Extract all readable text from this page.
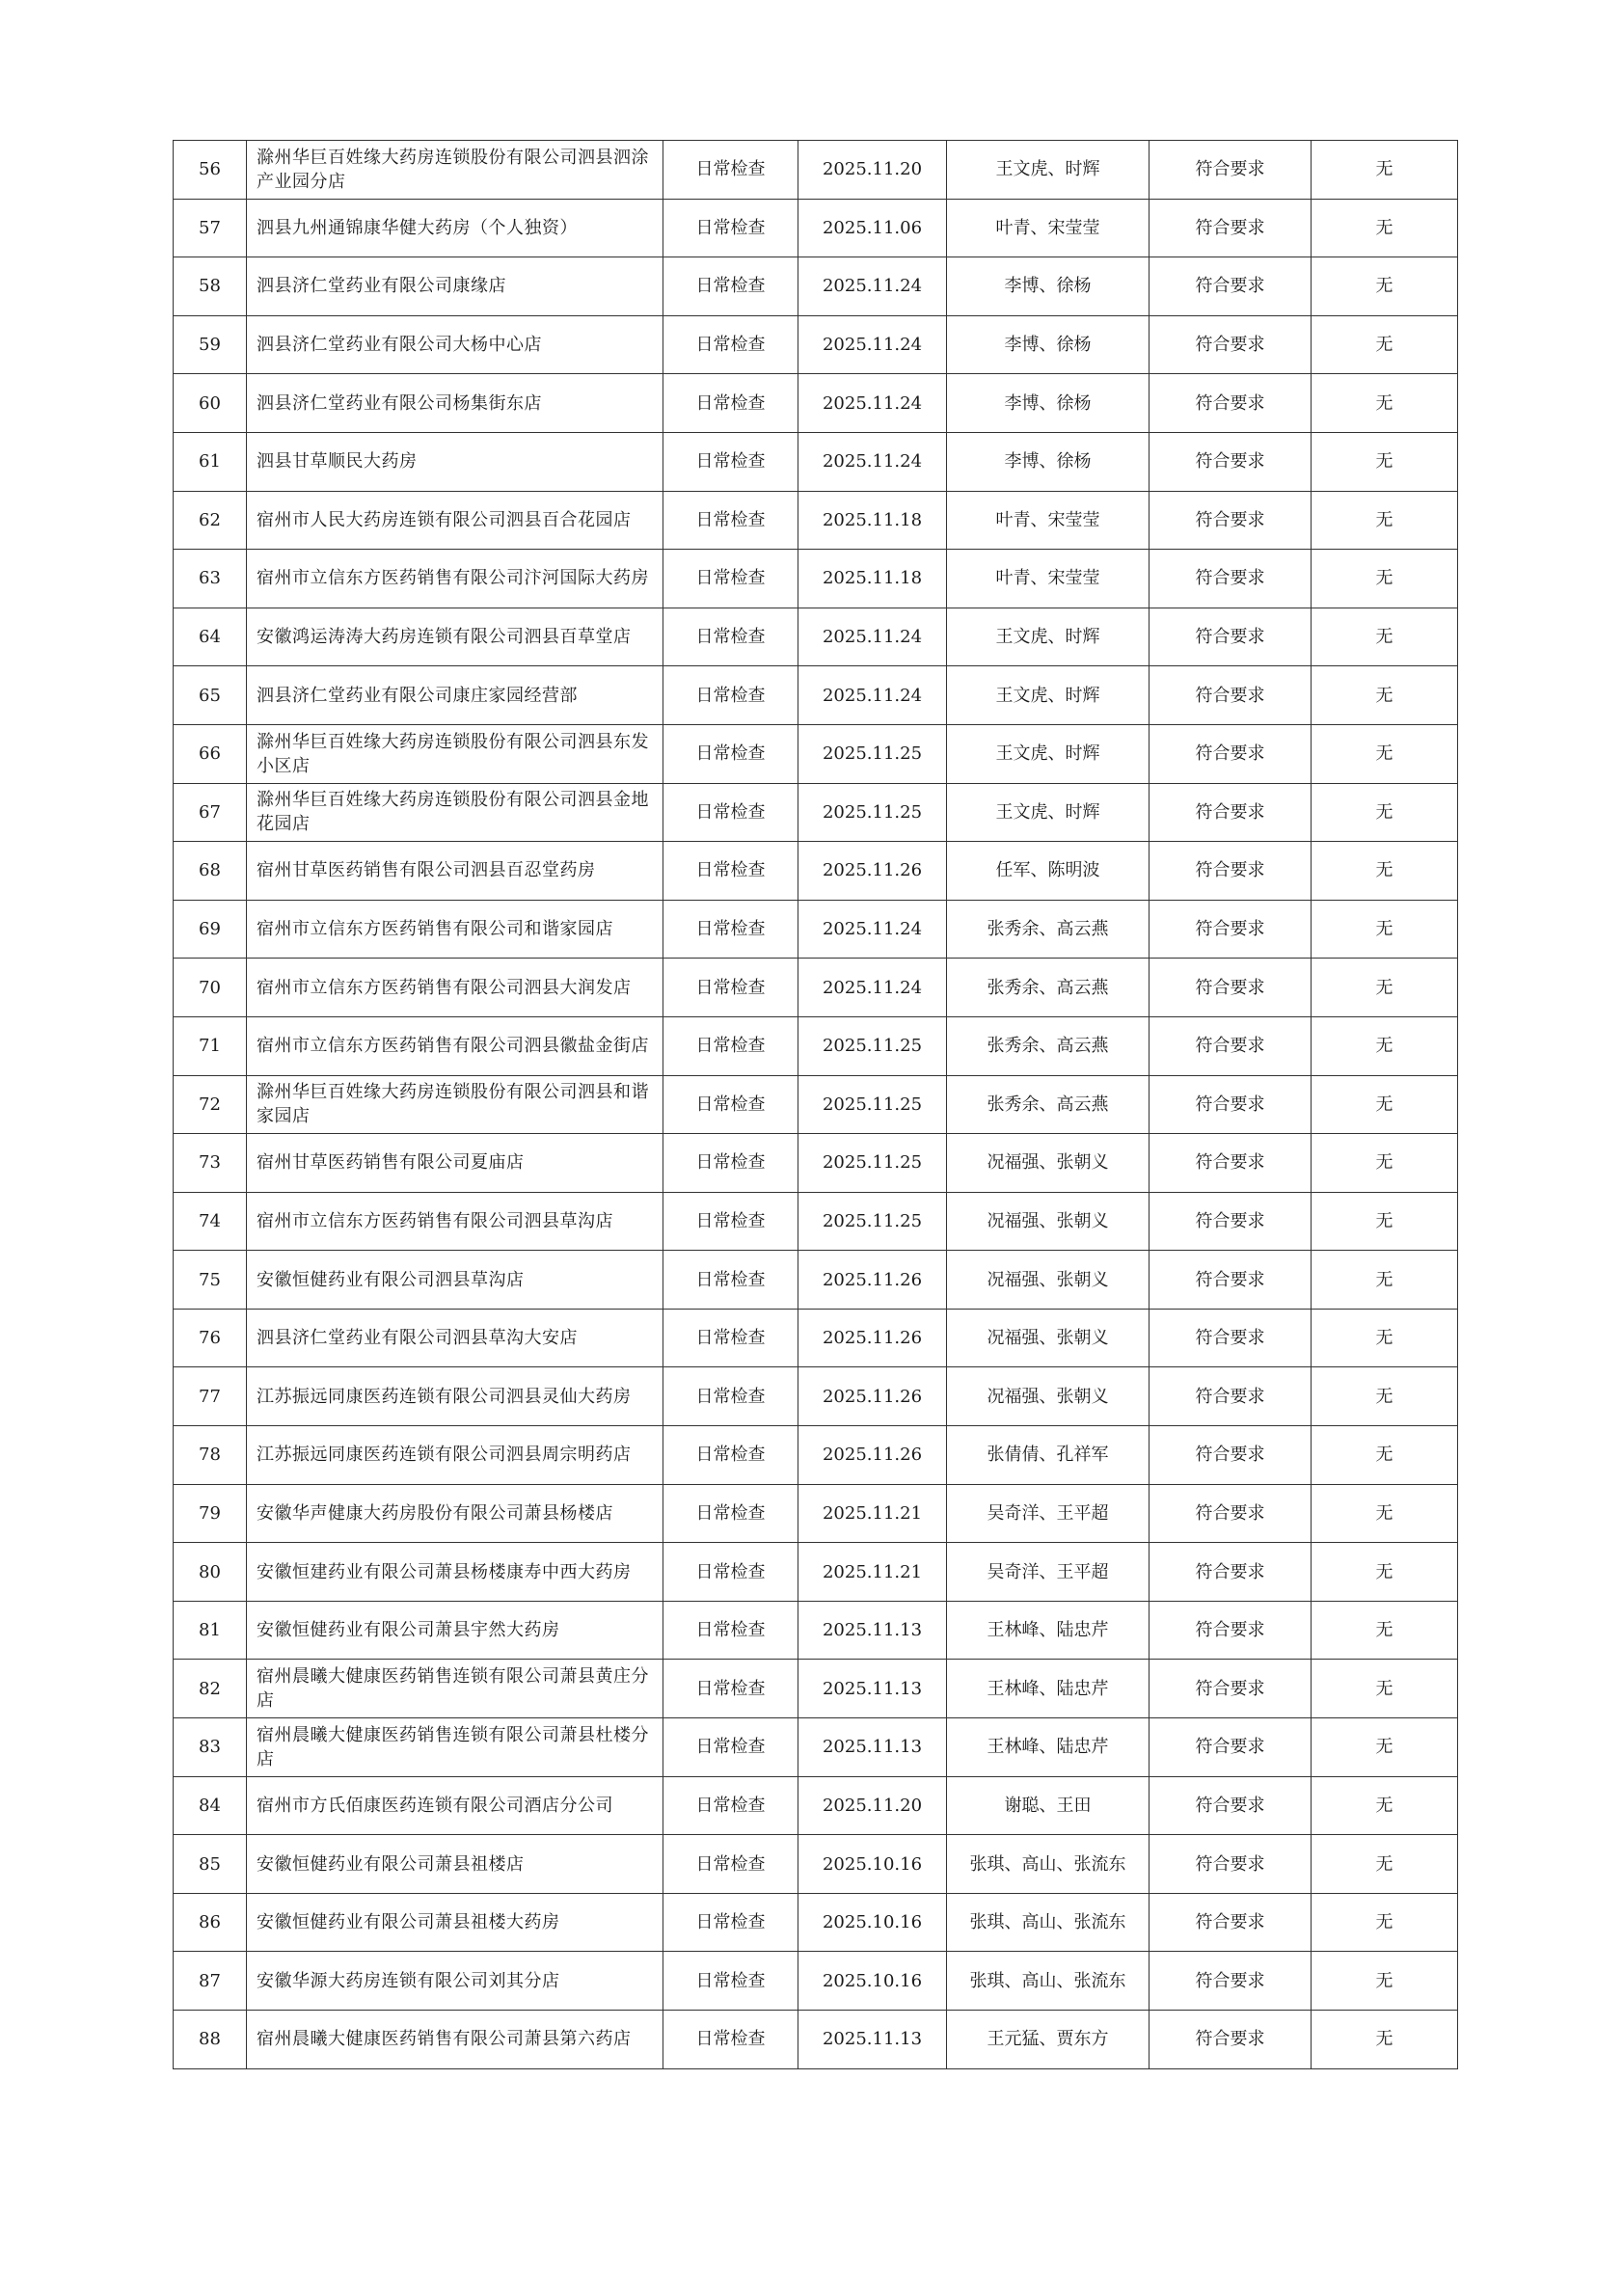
56	滁州华巨百姓缘大药房连锁股份有限公司泗县泗涂产业园分店	日常检查	2025.11.20	王文虎、时辉	符合要求	无
57	泗县九州通锦康华健大药房（个人独资）	日常检查	2025.11.06	叶青、宋莹莹	符合要求	无
58	泗县济仁堂药业有限公司康缘店	日常检查	2025.11.24	李博、徐杨	符合要求	无
59	泗县济仁堂药业有限公司大杨中心店	日常检查	2025.11.24	李博、徐杨	符合要求	无
60	泗县济仁堂药业有限公司杨集街东店	日常检查	2025.11.24	李博、徐杨	符合要求	无
61	泗县甘草顺民大药房	日常检查	2025.11.24	李博、徐杨	符合要求	无
62	宿州市人民大药房连锁有限公司泗县百合花园店	日常检查	2025.11.18	叶青、宋莹莹	符合要求	无
63	宿州市立信东方医药销售有限公司汴河国际大药房	日常检查	2025.11.18	叶青、宋莹莹	符合要求	无
64	安徽鸿运涛涛大药房连锁有限公司泗县百草堂店	日常检查	2025.11.24	王文虎、时辉	符合要求	无
65	泗县济仁堂药业有限公司康庄家园经营部	日常检查	2025.11.24	王文虎、时辉	符合要求	无
66	滁州华巨百姓缘大药房连锁股份有限公司泗县东发小区店	日常检查	2025.11.25	王文虎、时辉	符合要求	无
67	滁州华巨百姓缘大药房连锁股份有限公司泗县金地花园店	日常检查	2025.11.25	王文虎、时辉	符合要求	无
68	宿州甘草医药销售有限公司泗县百忍堂药房	日常检查	2025.11.26	任军、陈明波	符合要求	无
69	宿州市立信东方医药销售有限公司和谐家园店	日常检查	2025.11.24	张秀余、高云燕	符合要求	无
70	宿州市立信东方医药销售有限公司泗县大润发店	日常检查	2025.11.24	张秀余、高云燕	符合要求	无
71	宿州市立信东方医药销售有限公司泗县徽盐金街店	日常检查	2025.11.25	张秀余、高云燕	符合要求	无
72	滁州华巨百姓缘大药房连锁股份有限公司泗县和谐家园店	日常检查	2025.11.25	张秀余、高云燕	符合要求	无
73	宿州甘草医药销售有限公司夏庙店	日常检查	2025.11.25	况福强、张朝义	符合要求	无
74	宿州市立信东方医药销售有限公司泗县草沟店	日常检查	2025.11.25	况福强、张朝义	符合要求	无
75	安徽恒健药业有限公司泗县草沟店	日常检查	2025.11.26	况福强、张朝义	符合要求	无
76	泗县济仁堂药业有限公司泗县草沟大安店	日常检查	2025.11.26	况福强、张朝义	符合要求	无
77	江苏振远同康医药连锁有限公司泗县灵仙大药房	日常检查	2025.11.26	况福强、张朝义	符合要求	无
78	江苏振远同康医药连锁有限公司泗县周宗明药店	日常检查	2025.11.26	张倩倩、孔祥军	符合要求	无
79	安徽华声健康大药房股份有限公司萧县杨楼店	日常检查	2025.11.21	吴奇洋、王平超	符合要求	无
80	安徽恒建药业有限公司萧县杨楼康寿中西大药房	日常检查	2025.11.21	吴奇洋、王平超	符合要求	无
81	安徽恒健药业有限公司萧县宇然大药房	日常检查	2025.11.13	王林峰、陆忠芹	符合要求	无
82	宿州晨曦大健康医药销售连锁有限公司萧县黄庄分店	日常检查	2025.11.13	王林峰、陆忠芹	符合要求	无
83	宿州晨曦大健康医药销售连锁有限公司萧县杜楼分店	日常检查	2025.11.13	王林峰、陆忠芹	符合要求	无
84	宿州市方氏佰康医药连锁有限公司酒店分公司	日常检查	2025.11.20	谢聪、王田	符合要求	无
85	安徽恒健药业有限公司萧县祖楼店	日常检查	2025.10.16	张琪、高山、张流东	符合要求	无
86	安徽恒健药业有限公司萧县祖楼大药房	日常检查	2025.10.16	张琪、高山、张流东	符合要求	无
87	安徽华源大药房连锁有限公司刘其分店	日常检查	2025.10.16	张琪、高山、张流东	符合要求	无
88	宿州晨曦大健康医药销售有限公司萧县第六药店	日常检查	2025.11.13	王元猛、贾东方	符合要求	无
